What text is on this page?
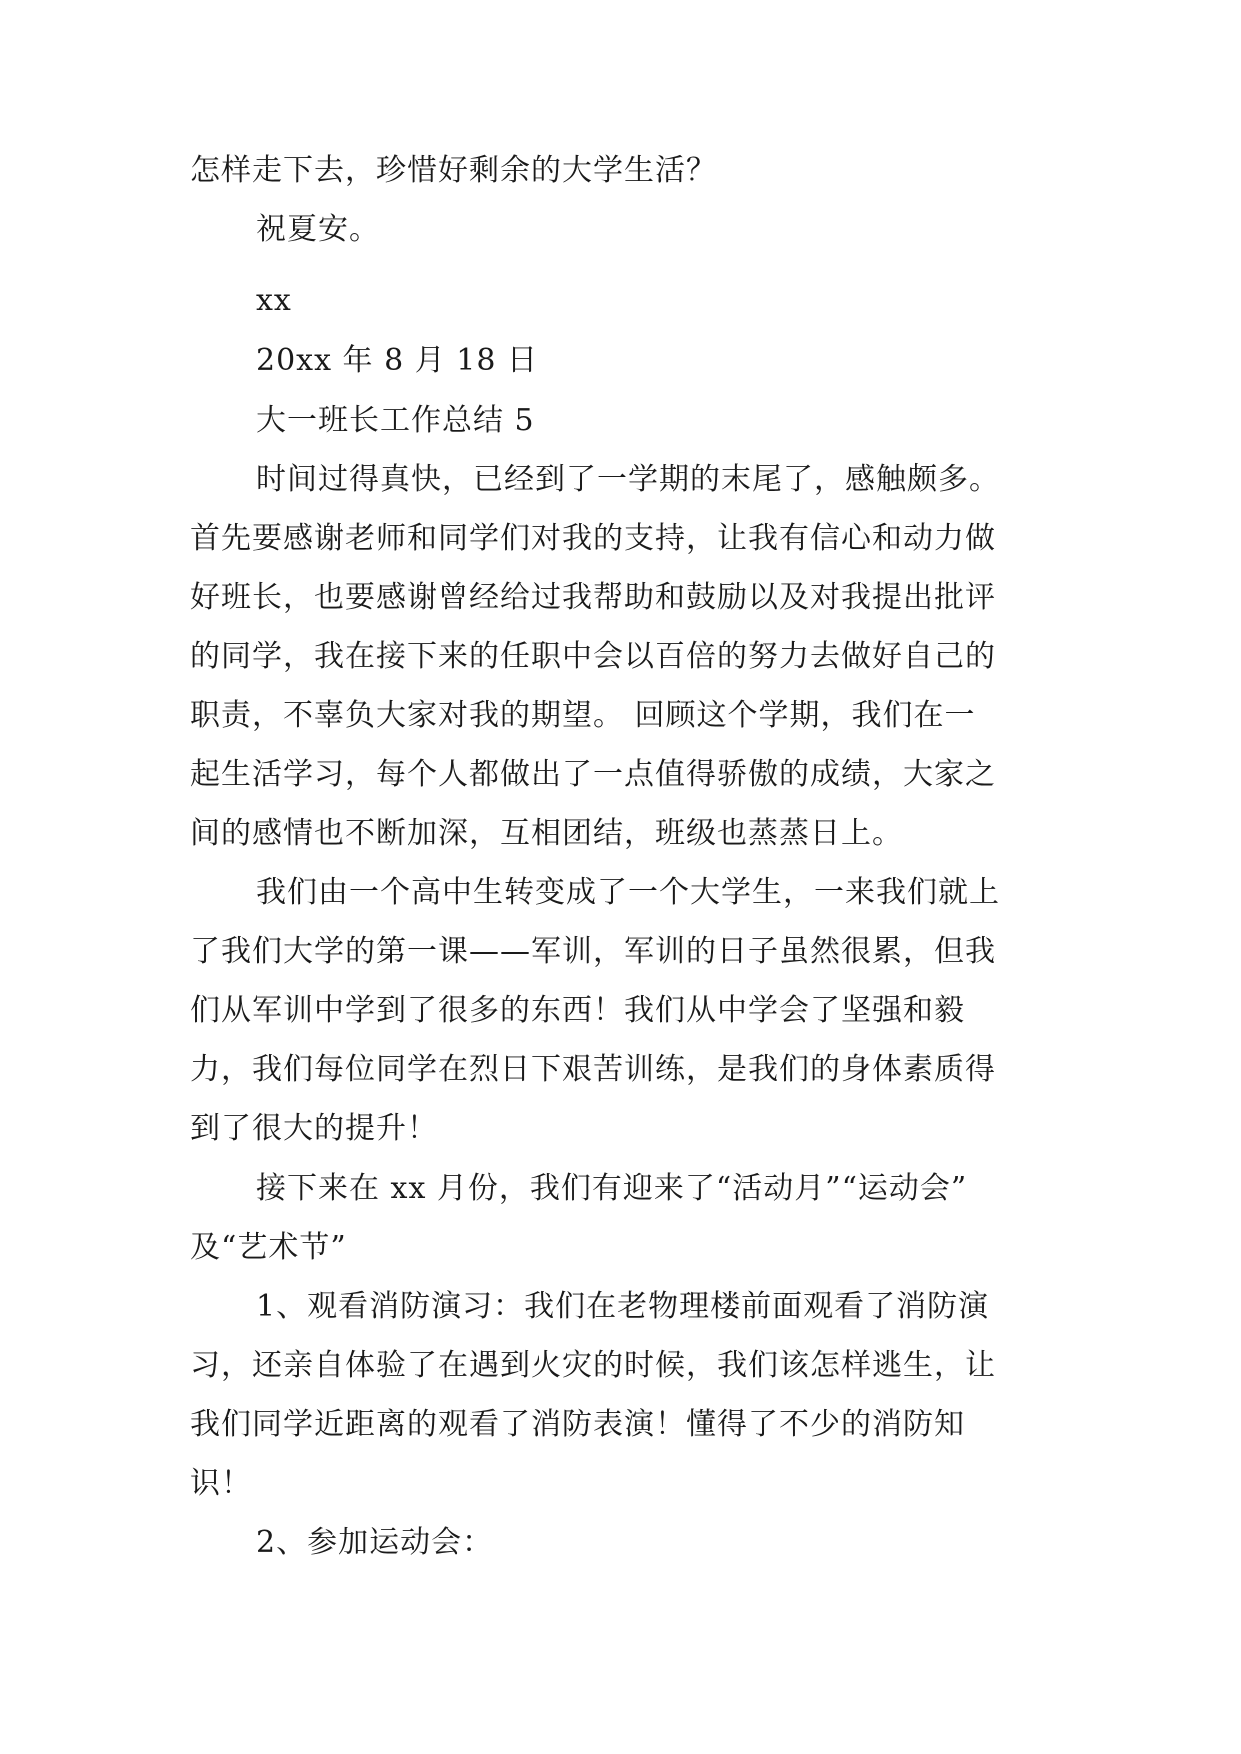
怎样走下去，珍惜好剩余的大学生活？
祝夏安。
xx
20xx 年 8 月 18 日
大一班长工作总结 5
时间过得真快，已经到了一学期的末尾了，感触颇多。
首先要感谢老师和同学们对我的支持，让我有信心和动力做
好班长，也要感谢曾经给过我帮助和鼓励以及对我提出批评
的同学，我在接下来的任职中会以百倍的努力去做好自己的
职责，不辜负大家对我的期望。 回顾这个学期，我们在一
起生活学习，每个人都做出了一点值得骄傲的成绩，大家之
间的感情也不断加深，互相团结，班级也蒸蒸日上。
我们由一个高中生转变成了一个大学生，一来我们就上
了我们大学的第一课——军训，军训的日子虽然很累，但我
们从军训中学到了很多的东西！我们从中学会了坚强和毅
力，我们每位同学在烈日下艰苦训练，是我们的身体素质得
到了很大的提升！
接下来在 xx 月份，我们有迎来了“活动月”“运动会”
及“艺术节”
1、观看消防演习：我们在老物理楼前面观看了消防演
习，还亲自体验了在遇到火灾的时候，我们该怎样逃生，让
我们同学近距离的观看了消防表演！懂得了不少的消防知
识！
2、参加运动会：
